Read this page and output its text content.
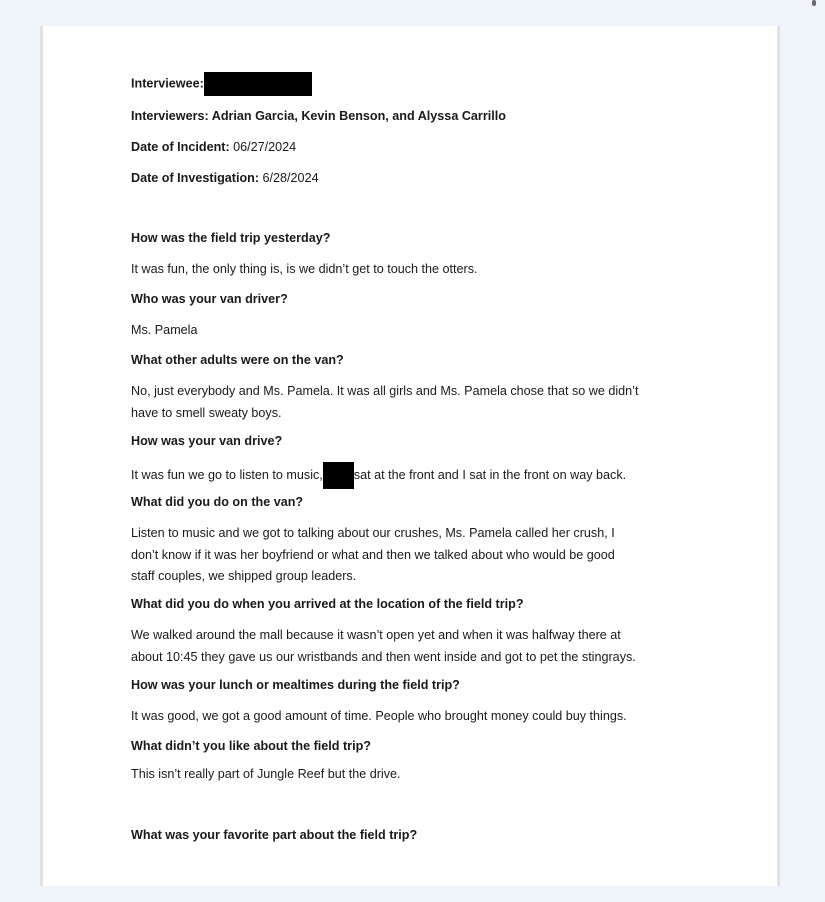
Interviewee:
Interviewers: Adrian Garcia, Kevin Benson, and Alyssa Carrillo
Date of Incident: 06/27/2024
Date of Investigation: 6/28/2024
How was the field trip yesterday?
It was fun, the only thing is, is we didn’t get to touch the otters.
Who was your van driver?
Ms. Pamela
What other adults were on the van?
No, just everybody and Ms. Pamela. It was all girls and Ms. Pamela chose that so we didn’t
have to smell sweaty boys.
How was your van drive?
It was fun we go to listen to music, sat at the front and I sat in the front on way back.
What did you do on the van?
Listen to music and we got to talking about our crushes, Ms. Pamela called her crush, I
don’t know if it was her boyfriend or what and then we talked about who would be good
staff couples, we shipped group leaders.
What did you do when you arrived at the location of the field trip?
We walked around the mall because it wasn’t open yet and when it was halfway there at
about 10:45 they gave us our wristbands and then went inside and got to pet the stingrays.
How was your lunch or mealtimes during the field trip?
It was good, we got a good amount of time. People who brought money could buy things.
What didn’t you like about the field trip?
This isn’t really part of Jungle Reef but the drive.
What was your favorite part about the field trip?
